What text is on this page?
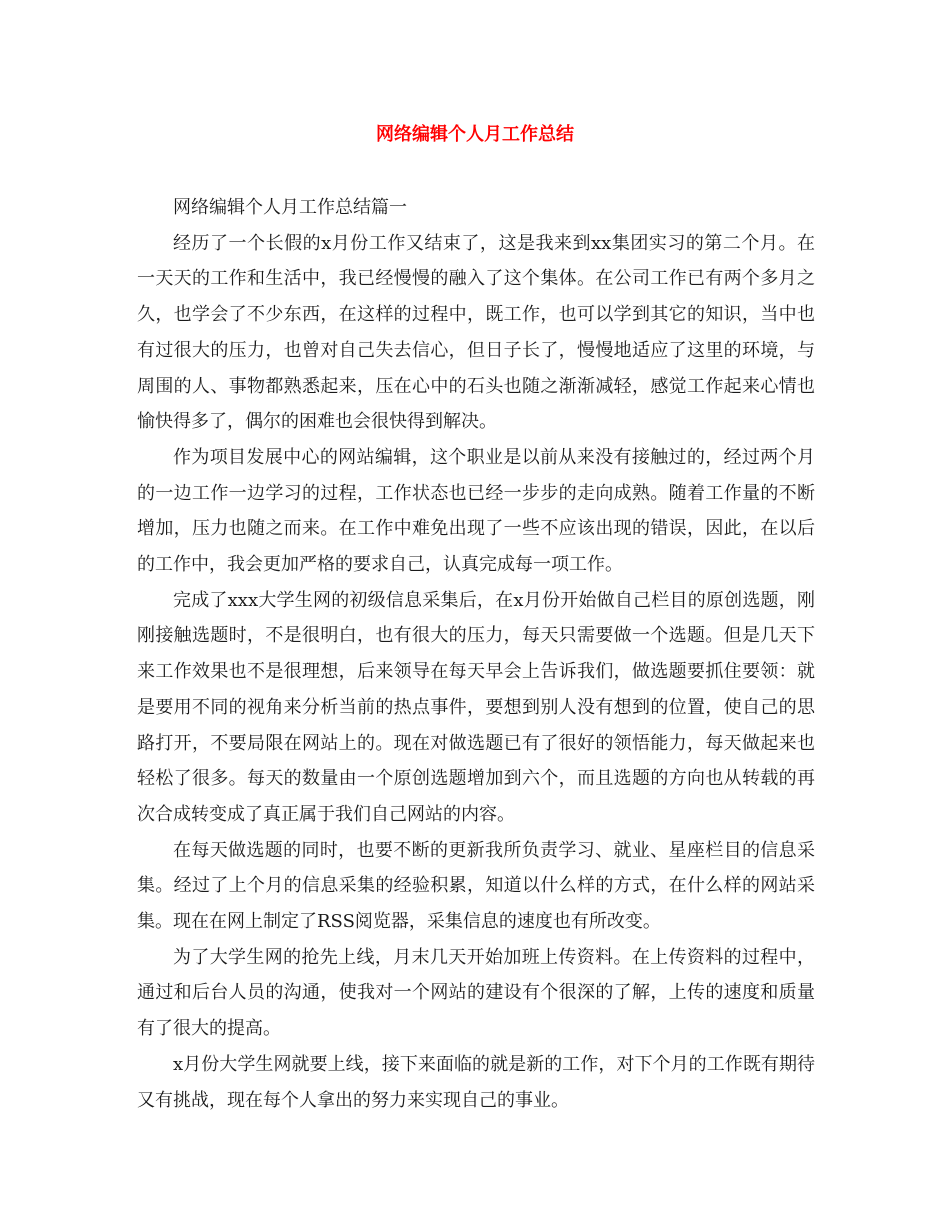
网络编辑个人月工作总结

网络编辑个人月工作总结篇一

经历了一个长假的x月份工作又结束了，这是我来到xx集团实习的第二个月。在一天天的工作和生活中，我已经慢慢的融入了这个集体。在公司工作已有两个多月之久，也学会了不少东西，在这样的过程中，既工作，也可以学到其它的知识，当中也有过很大的压力，也曾对自己失去信心，但日子长了，慢慢地适应了这里的环境，与周围的人、事物都熟悉起来，压在心中的石头也随之渐渐减轻，感觉工作起来心情也愉快得多了，偶尔的困难也会很快得到解决。

作为项目发展中心的网站编辑，这个职业是以前从来没有接触过的，经过两个月的一边工作一边学习的过程，工作状态也已经一步步的走向成熟。随着工作量的不断增加，压力也随之而来。在工作中难免出现了一些不应该出现的错误，因此，在以后的工作中，我会更加严格的要求自己，认真完成每一项工作。

完成了xxx大学生网的初级信息采集后，在x月份开始做自己栏目的原创选题，刚刚接触选题时，不是很明白，也有很大的压力，每天只需要做一个选题。但是几天下来工作效果也不是很理想，后来领导在每天早会上告诉我们，做选题要抓住要领：就是要用不同的视角来分析当前的热点事件，要想到别人没有想到的位置，使自己的思路打开，不要局限在网站上的。现在对做选题已有了很好的领悟能力，每天做起来也轻松了很多。每天的数量由一个原创选题增加到六个，而且选题的方向也从转载的再次合成转变成了真正属于我们自己网站的内容。

在每天做选题的同时，也要不断的更新我所负责学习、就业、星座栏目的信息采集。经过了上个月的信息采集的经验积累，知道以什么样的方式，在什么样的网站采集。现在在网上制定了RSS阅览器，采集信息的速度也有所改变。

为了大学生网的抢先上线，月末几天开始加班上传资料。在上传资料的过程中，通过和后台人员的沟通，使我对一个网站的建设有个很深的了解，上传的速度和质量有了很大的提高。

x月份大学生网就要上线，接下来面临的就是新的工作，对下个月的工作既有期待又有挑战，现在每个人拿出的努力来实现自己的事业。
